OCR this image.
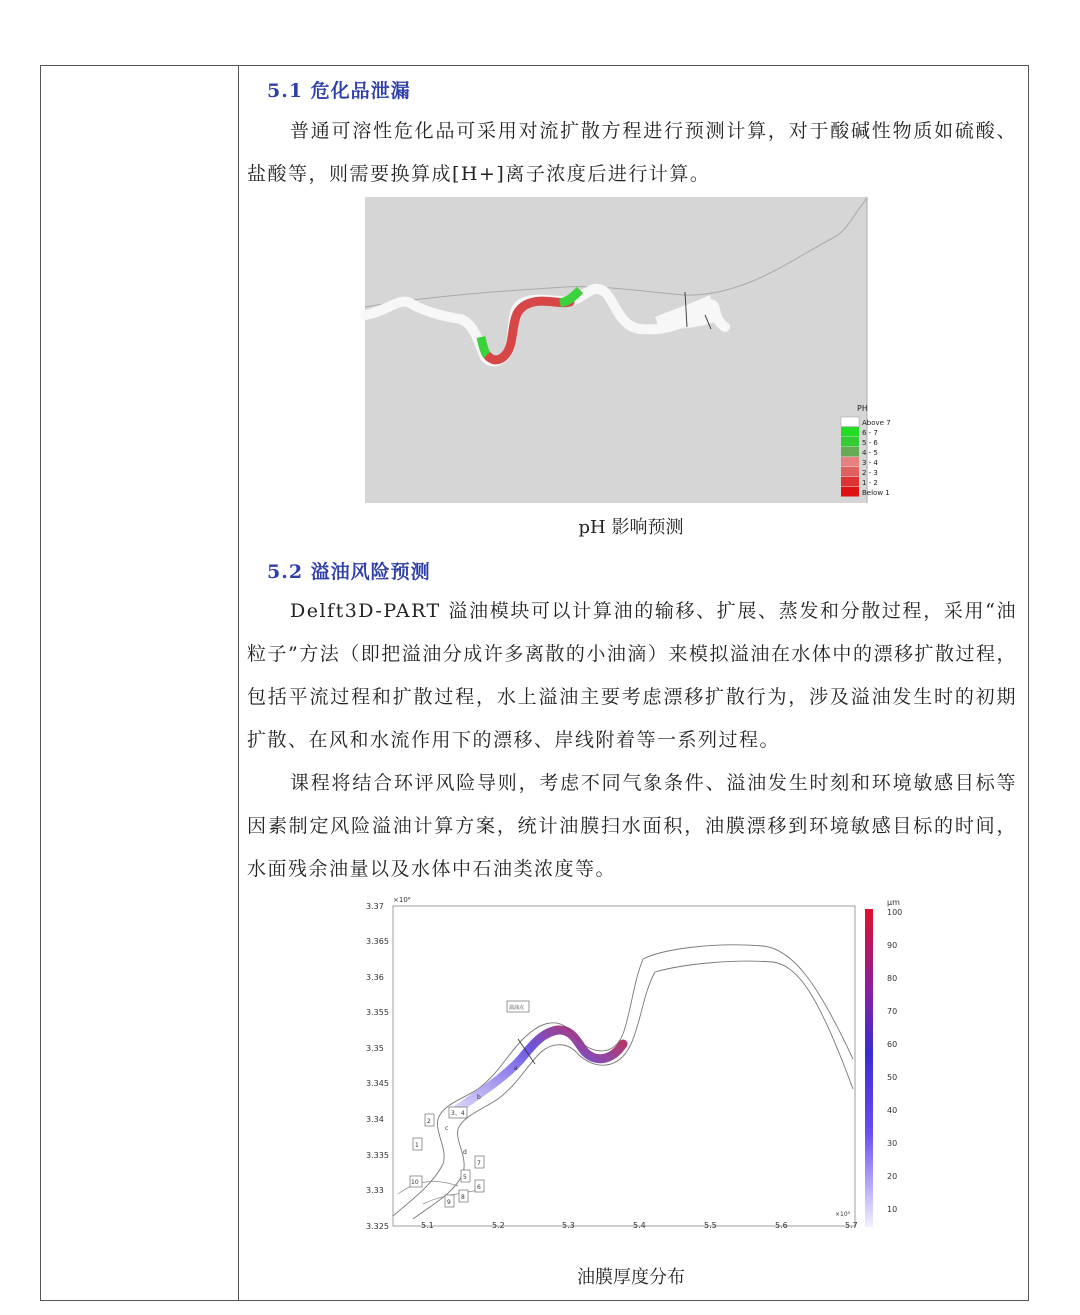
5.1 危化品泄漏
普通可溶性危化品可采用对流扩散方程进行预测计算，对于酸碱性物质如硫酸、盐酸等，则需要换算成[H+]离子浓度后进行计算。
PH
Above 7
6 - 7
5 - 6
4 - 5
3 - 4
2 - 3
1 - 2
Below 1
pH 影响预测
5.2 溢油风险预测
Delft3D-PART 溢油模块可以计算油的输移、扩展、蒸发和分散过程，采用“油粒子”方法（即把溢油分成许多离散的小油滴）来模拟溢油在水体中的漂移扩散过程，包括平流过程和扩散过程，水上溢油主要考虑漂移扩散行为，涉及溢油发生时的初期扩散、在风和水流作用下的漂移、岸线附着等一系列过程。
课程将结合环评风险导则，考虑不同气象条件、溢油发生时刻和环境敏感目标等因素制定风险溢油计算方案，统计油膜扫水面积，油膜漂移到环境敏感目标的时间，水面残余油量以及水体中石油类浓度等。
3.37
3.365
3.36
3.355
3.35
3.345
3.34
3.335
3.33
3.325
×10⁶
5.1	5.2	5.3	5.4	5.5	5.6	5.7
×10⁵
溢油点
1
2
3、4
5
6
7
8
9
10
a
b
c
d
μm
100
90
80
70
60
50
40
30
20
10
油膜厚度分布
